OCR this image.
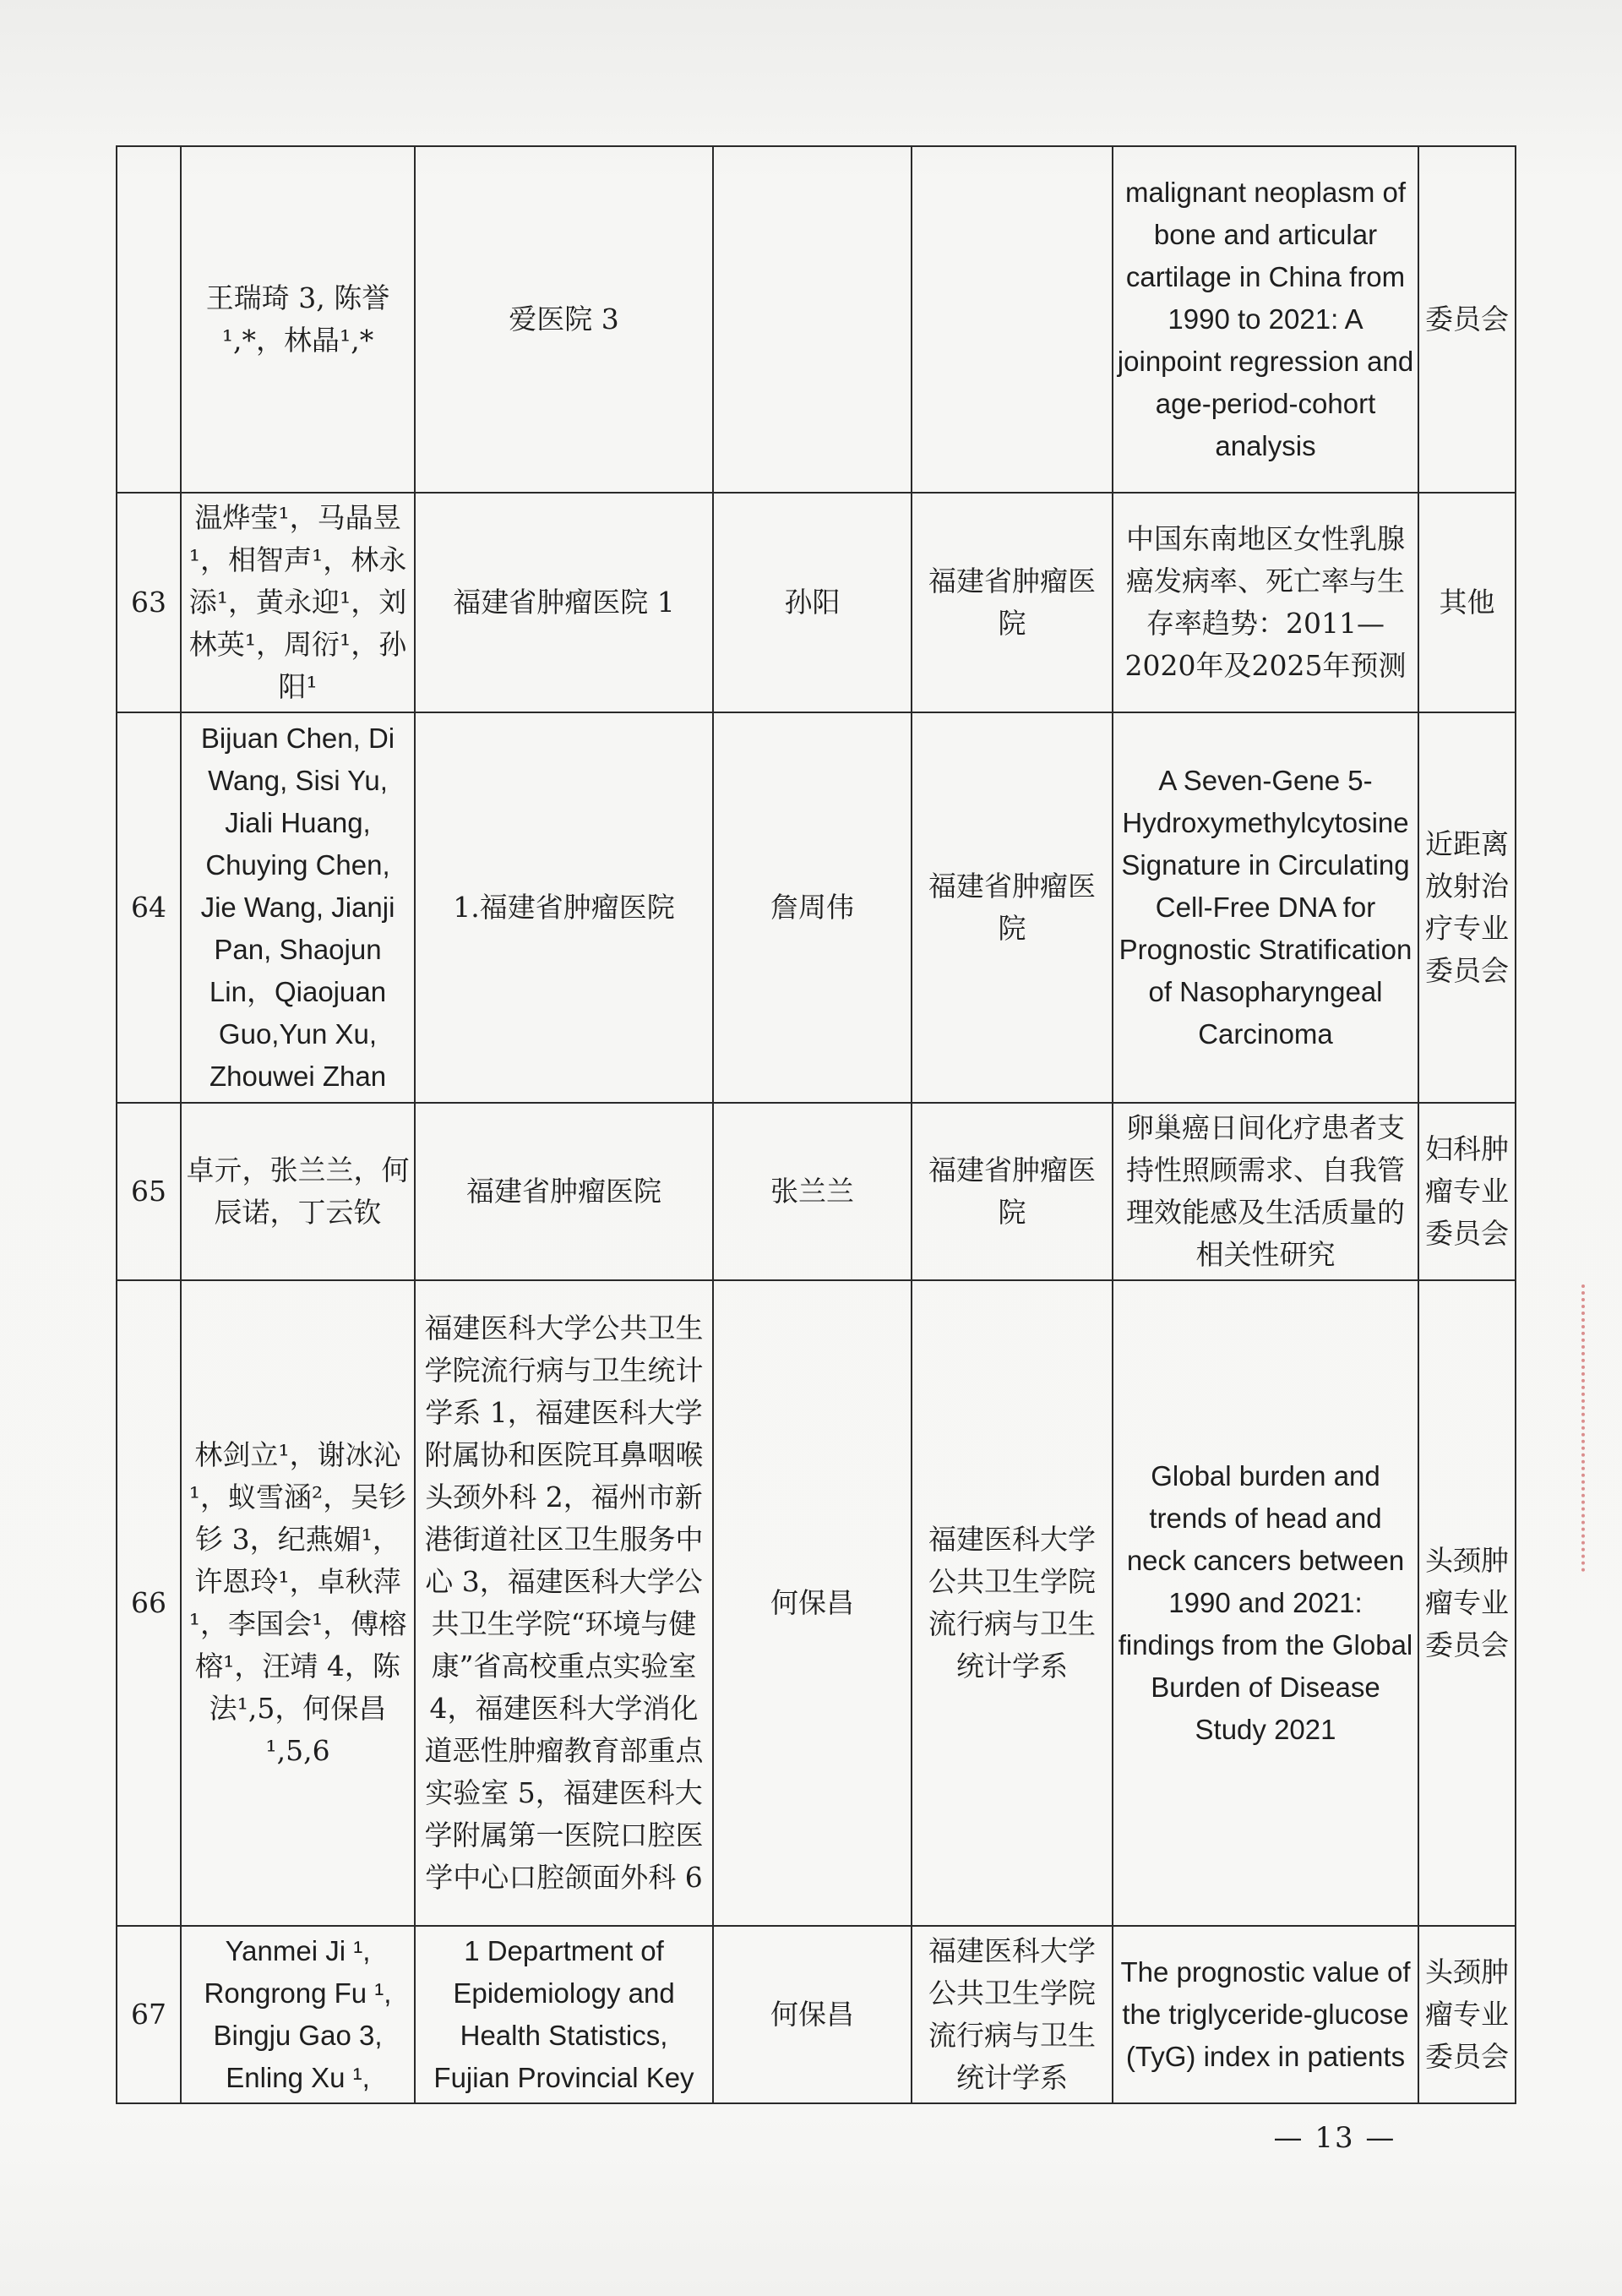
	王瑞琦 3, 陈誉¹,*，林晶¹,*	爱医院 3			malignant neoplasm of bone and articular cartilage in China from 1990 to 2021: A joinpoint regression and age-period-cohort analysis	委员会
63	温烨莹¹，马晶昱¹，相智声¹，林永添¹，黄永迎¹，刘林英¹，周衍¹，孙阳¹	福建省肿瘤医院 1	孙阳	福建省肿瘤医院	中国东南地区女性乳腺癌发病率、死亡率与生存率趋势：2011—2020年及2025年预测	其他
64	Bijuan Chen, Di Wang, Sisi Yu, Jiali Huang, Chuying Chen, Jie Wang, Jianji Pan, Shaojun Lin，Qiaojuan Guo,Yun Xu, Zhouwei Zhan	1.福建省肿瘤医院	詹周伟	福建省肿瘤医院	A Seven-Gene 5-Hydroxymethylcytosine Signature in Circulating Cell-Free DNA for Prognostic Stratification of Nasopharyngeal Carcinoma	近距离放射治疗专业委员会
65	卓亓，张兰兰，何辰诺，丁云钦	福建省肿瘤医院	张兰兰	福建省肿瘤医院	卵巢癌日间化疗患者支持性照顾需求、自我管理效能感及生活质量的相关性研究	妇科肿瘤专业委员会
66	林剑立¹，谢冰沁¹，蚁雪涵²，吴钐钐 3，纪燕媚¹，许恩玲¹，卓秋萍¹，李国会¹，傅榕榕¹，汪靖 4，陈法¹,5，何保昌¹,5,6	福建医科大学公共卫生学院流行病与卫生统计学系 1，福建医科大学附属协和医院耳鼻咽喉头颈外科 2，福州市新港街道社区卫生服务中心 3，福建医科大学公共卫生学院“环境与健康”省高校重点实验室 4，福建医科大学消化道恶性肿瘤教育部重点实验室 5，福建医科大学附属第一医院口腔医学中心口腔颌面外科 6	何保昌	福建医科大学公共卫生学院流行病与卫生统计学系	Global burden and trends of head and neck cancers between 1990 and 2021: findings from the Global Burden of Disease Study 2021	头颈肿瘤专业委员会
67	Yanmei Ji ¹, Rongrong Fu ¹, Bingju Gao 3, Enling Xu ¹,	1 Department of Epidemiology and Health Statistics, Fujian Provincial Key	何保昌	福建医科大学公共卫生学院流行病与卫生统计学系	The prognostic value of the triglyceride-glucose (TyG) index in patients	头颈肿瘤专业委员会
— 13 —
